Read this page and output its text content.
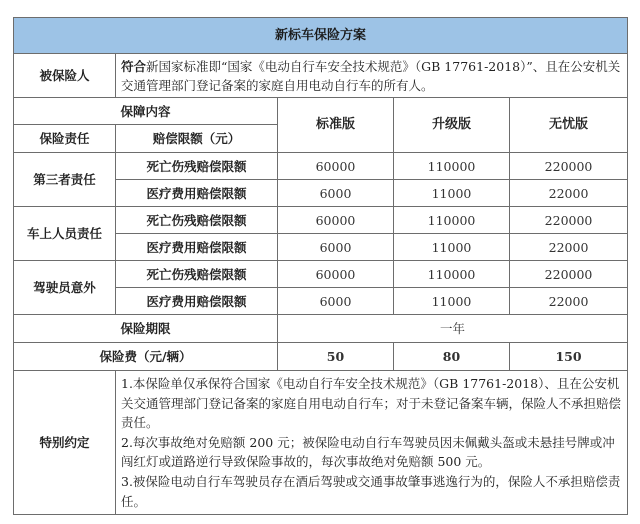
新标车保险方案				
被保险人	符合新国家标准即“国家《电动自行车安全技术规范》（GB 17761-2018）”、且在公安机关交通管理部门登记备案的家庭自用电动自行车的所有人。			
保障内容		标准版	升级版	无忧版
保险责任	赔偿限额（元）			
第三者责任	死亡伤残赔偿限额	60000	110000	220000
	医疗费用赔偿限额	6000	11000	22000
车上人员责任	死亡伤残赔偿限额	60000	110000	220000
	医疗费用赔偿限额	6000	11000	22000
驾驶员意外	死亡伤残赔偿限额	60000	110000	220000
	医疗费用赔偿限额	6000	11000	22000
保险期限		一年		
保险费（元/辆）		50	80	150
特别约定	1.本保险单仅承保符合国家《电动自行车安全技术规范》（GB 17761-2018）、且在公安机关交通管理部门登记备案的家庭自用电动自行车；对于未登记备案车辆，保险人不承担赔偿责任。

2.每次事故绝对免赔额 200 元；被保险电动自行车驾驶员因未佩戴头盔或未悬挂号牌或冲闯红灯或道路逆行导致保险事故的，每次事故绝对免赔额 500 元。

3.被保险电动自行车驾驶员存在酒后驾驶或交通事故肇事逃逸行为的，保险人不承担赔偿责任。			
